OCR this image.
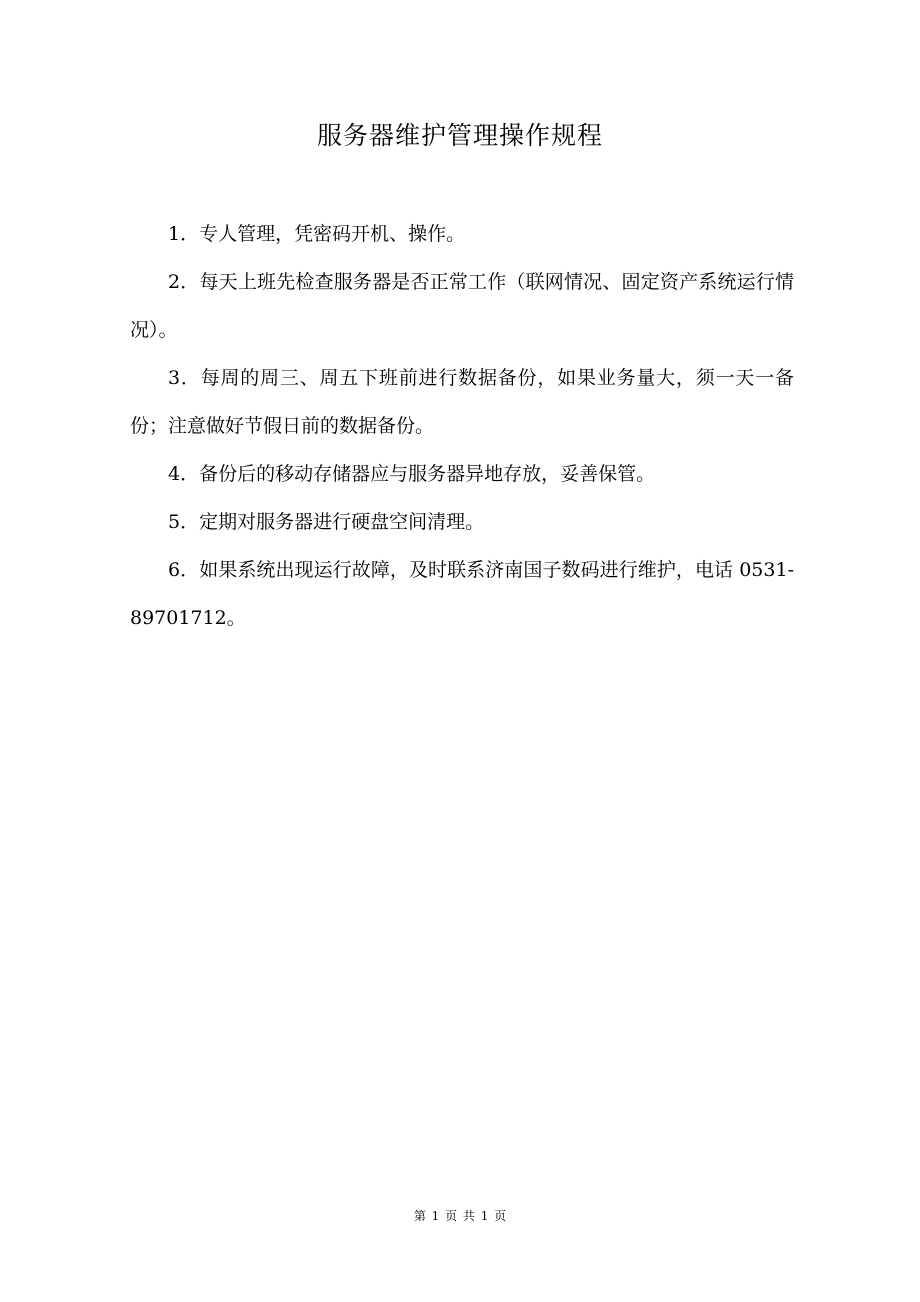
服务器维护管理操作规程

1．专人管理，凭密码开机、操作。

2．每天上班先检查服务器是否正常工作（联网情况、固定资产系统运行情况）。

3．每周的周三、周五下班前进行数据备份，如果业务量大，须一天一备份；注意做好节假日前的数据备份。

4．备份后的移动存储器应与服务器异地存放，妥善保管。

5．定期对服务器进行硬盘空间清理。

6．如果系统出现运行故障，及时联系济南国子数码进行维护，电话 0531-89701712。

第 1 页 共 1 页
